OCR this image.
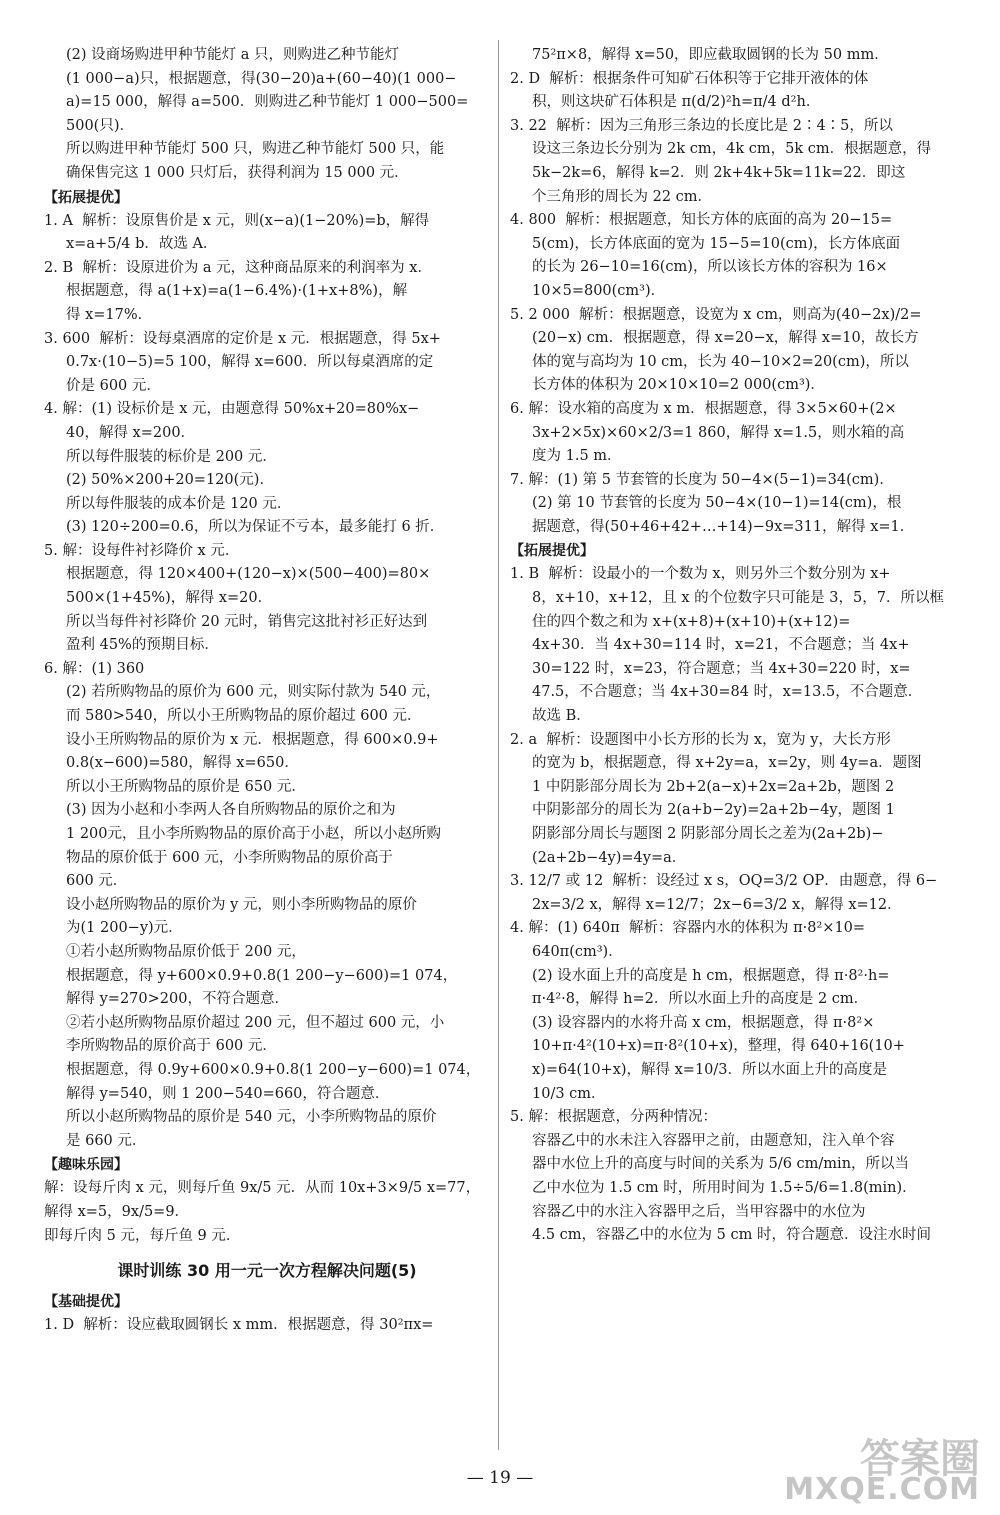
(2) 设商场购进甲种节能灯 a 只，则购进乙种节能灯
(1 000−a)只，根据题意，得(30−20)a+(60−40)(1 000−
a)=15 000，解得 a=500．则购进乙种节能灯 1 000−500=
500(只)．
所以购进甲种节能灯 500 只，购进乙种节能灯 500 只，能
确保售完这 1 000 只灯后，获得利润为 15 000 元．
【拓展提优】
1. A  解析：设原售价是 x 元，则(x−a)(1−20%)=b，解得
x=a+5/4 b．故选 A．
2. B  解析：设原进价为 a 元，这种商品原来的利润率为 x．
根据题意，得 a(1+x)=a(1−6.4%)·(1+x+8%)，解
得 x=17%．
3. 600  解析：设每桌酒席的定价是 x 元．根据题意，得 5x+
0.7x·(10−5)=5 100，解得 x=600．所以每桌酒席的定
价是 600 元．
4. 解：(1) 设标价是 x 元，由题意得 50%x+20=80%x−
40，解得 x=200．
所以每件服装的标价是 200 元．
(2) 50%×200+20=120(元)．
所以每件服装的成本价是 120 元．
(3) 120÷200=0.6，所以为保证不亏本，最多能打 6 折．
5. 解：设每件衬衫降价 x 元．
根据题意，得 120×400+(120−x)×(500−400)=80×
500×(1+45%)，解得 x=20．
所以当每件衬衫降价 20 元时，销售完这批衬衫正好达到
盈利 45%的预期目标．
6. 解：(1) 360
(2) 若所购物品的原价为 600 元，则实际付款为 540 元，
而 580>540，所以小王所购物品的原价超过 600 元．
设小王所购物品的原价为 x 元．根据题意，得 600×0.9+
0.8(x−600)=580，解得 x=650．
所以小王所购物品的原价是 650 元．
(3) 因为小赵和小李两人各自所购物品的原价之和为
1 200元，且小李所购物品的原价高于小赵，所以小赵所购
物品的原价低于 600 元，小李所购物品的原价高于
600 元．
设小赵所购物品的原价为 y 元，则小李所购物品的原价
为(1 200−y)元．
①若小赵所购物品原价低于 200 元，
根据题意，得 y+600×0.9+0.8(1 200−y−600)=1 074，
解得 y=270>200，不符合题意．
②若小赵所购物品原价超过 200 元，但不超过 600 元，小
李所购物品的原价高于 600 元．
根据题意，得 0.9y+600×0.9+0.8(1 200−y−600)=1 074，
解得 y=540，则 1 200−540=660，符合题意．
所以小赵所购物品的原价是 540 元，小李所购物品的原价
是 660 元．
【趣味乐园】
解：设每斤肉 x 元，则每斤鱼 9x/5 元．从而 10x+3×9/5 x=77，
解得 x=5，9x/5=9．
即每斤肉 5 元，每斤鱼 9 元．
课时训练 30 用一元一次方程解决问题(5)
【基础提优】
1. D  解析：设应截取圆钢长 x mm．根据题意，得 30²πx=
75²π×8，解得 x=50，即应截取圆钢的长为 50 mm．
2. D  解析：根据条件可知矿石体积等于它排开液体的体
积，则这块矿石体积是 π(d/2)²h=π/4 d²h．
3. 22  解析：因为三角形三条边的长度比是 2∶4∶5，所以
设这三条边长分别为 2k cm，4k cm，5k cm．根据题意，得
5k−2k=6，解得 k=2．则 2k+4k+5k=11k=22．即这
个三角形的周长为 22 cm．
4. 800  解析：根据题意，知长方体的底面的高为 20−15=
5(cm)，长方体底面的宽为 15−5=10(cm)，长方体底面
的长为 26−10=16(cm)，所以该长方体的容积为 16×
10×5=800(cm³)．
5. 2 000  解析：根据题意，设宽为 x cm，则高为(40−2x)/2=
(20−x) cm．根据题意，得 x=20−x，解得 x=10，故长方
体的宽与高均为 10 cm，长为 40−10×2=20(cm)，所以
长方体的体积为 20×10×10=2 000(cm³)．
6. 解：设水箱的高度为 x m．根据题意，得 3×5×60+(2×
3x+2×5x)×60×2/3=1 860，解得 x=1.5，则水箱的高
度为 1.5 m．
7. 解：(1) 第 5 节套管的长度为 50−4×(5−1)=34(cm)．
(2) 第 10 节套管的长度为 50−4×(10−1)=14(cm)，根
据题意，得(50+46+42+…+14)−9x=311，解得 x=1．
【拓展提优】
1. B  解析：设最小的一个数为 x，则另外三个数分别为 x+
8，x+10，x+12，且 x 的个位数字只可能是 3，5，7．所以框
住的四个数之和为 x+(x+8)+(x+10)+(x+12)=
4x+30．当 4x+30=114 时，x=21，不合题意；当 4x+
30=122 时，x=23，符合题意；当 4x+30=220 时，x=
47.5，不合题意；当 4x+30=84 时，x=13.5，不合题意．
故选 B．
2. a  解析：设题图中小长方形的长为 x，宽为 y，大长方形
的宽为 b，根据题意，得 x+2y=a，x=2y，则 4y=a．题图
1 中阴影部分周长为 2b+2(a−x)+2x=2a+2b，题图 2
中阴影部分的周长为 2(a+b−2y)=2a+2b−4y，题图 1
阴影部分周长与题图 2 阴影部分周长之差为(2a+2b)−
(2a+2b−4y)=4y=a．
3. 12/7 或 12  解析：设经过 x s，OQ=3/2 OP．由题意，得 6−
2x=3/2 x，解得 x=12/7；2x−6=3/2 x，解得 x=12．
4. 解：(1) 640π  解析：容器内水的体积为 π·8²×10=
640π(cm³)．
(2) 设水面上升的高度是 h cm，根据题意，得 π·8²·h=
π·4²·8，解得 h=2．所以水面上升的高度是 2 cm．
(3) 设容器内的水将升高 x cm，根据题意，得 π·8²×
10+π·4²(10+x)=π·8²(10+x)，整理，得 640+16(10+
x)=64(10+x)，解得 x=10/3．所以水面上升的高度是
10/3 cm．
5. 解：根据题意，分两种情况：
容器乙中的水未注入容器甲之前，由题意知，注入单个容
器中水位上升的高度与时间的关系为 5/6 cm/min，所以当
乙中水位为 1.5 cm 时，所用时间为 1.5÷5/6=1.8(min)．
容器乙中的水注入容器甲之后，当甲容器中的水位为
4.5 cm，容器乙中的水位为 5 cm 时，符合题意．设注水时间
— 19 —	答案圈
MXQE.COM
